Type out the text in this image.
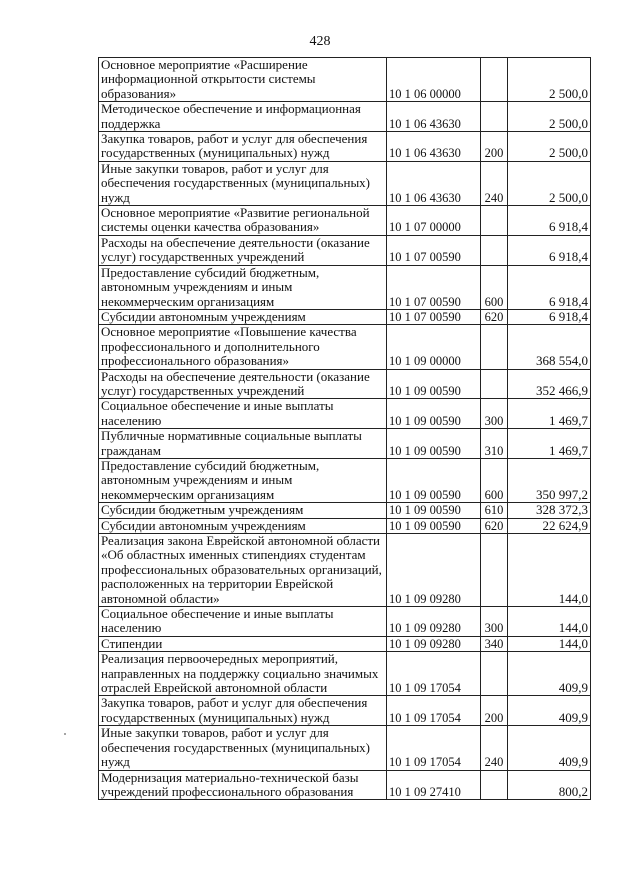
428
Основное мероприятие «Расширение информационной открытости системы образования»	10 1 06 00000		2 500,0
Методическое обеспечение и информационная поддержка	10 1 06 43630		2 500,0
Закупка товаров, работ и услуг для обеспечения государственных (муниципальных) нужд	10 1 06 43630	200	2 500,0
Иные закупки товаров, работ и услуг для обеспечения государственных (муниципальных) нужд	10 1 06 43630	240	2 500,0
Основное мероприятие «Развитие региональной системы оценки качества образования»	10 1 07 00000		6 918,4
Расходы на обеспечение деятельности (оказание услуг) государственных учреждений	10 1 07 00590		6 918,4
Предоставление субсидий бюджетным, автономным учреждениям и иным некоммерческим организациям	10 1 07 00590	600	6 918,4
Субсидии автономным учреждениям	10 1 07 00590	620	6 918,4
Основное мероприятие «Повышение качества профессионального и дополнительного профессионального образования»	10 1 09 00000		368 554,0
Расходы на обеспечение деятельности (оказание услуг) государственных учреждений	10 1 09 00590		352 466,9
Социальное обеспечение и иные выплаты населению	10 1 09 00590	300	1 469,7
Публичные нормативные социальные выплаты гражданам	10 1 09 00590	310	1 469,7
Предоставление субсидий бюджетным, автономным учреждениям и иным некоммерческим организациям	10 1 09 00590	600	350 997,2
Субсидии бюджетным учреждениям	10 1 09 00590	610	328 372,3
Субсидии автономным учреждениям	10 1 09 00590	620	22 624,9
Реализация закона Еврейской автономной области «Об областных именных стипендиях студентам профессиональных образовательных организаций, расположенных на территории Еврейской автономной области»	10 1 09 09280		144,0
Социальное обеспечение и иные выплаты населению	10 1 09 09280	300	144,0
Стипендии	10 1 09 09280	340	144,0
Реализация первоочередных мероприятий, направленных на поддержку социально значимых отраслей Еврейской автономной области	10 1 09 17054		409,9
Закупка товаров, работ и услуг для обеспечения государственных (муниципальных) нужд	10 1 09 17054	200	409,9
Иные закупки товаров, работ и услуг для обеспечения государственных (муниципальных) нужд	10 1 09 17054	240	409,9
Модернизация материально-технической базы учреждений профессионального образования	10 1 09 27410		800,2
